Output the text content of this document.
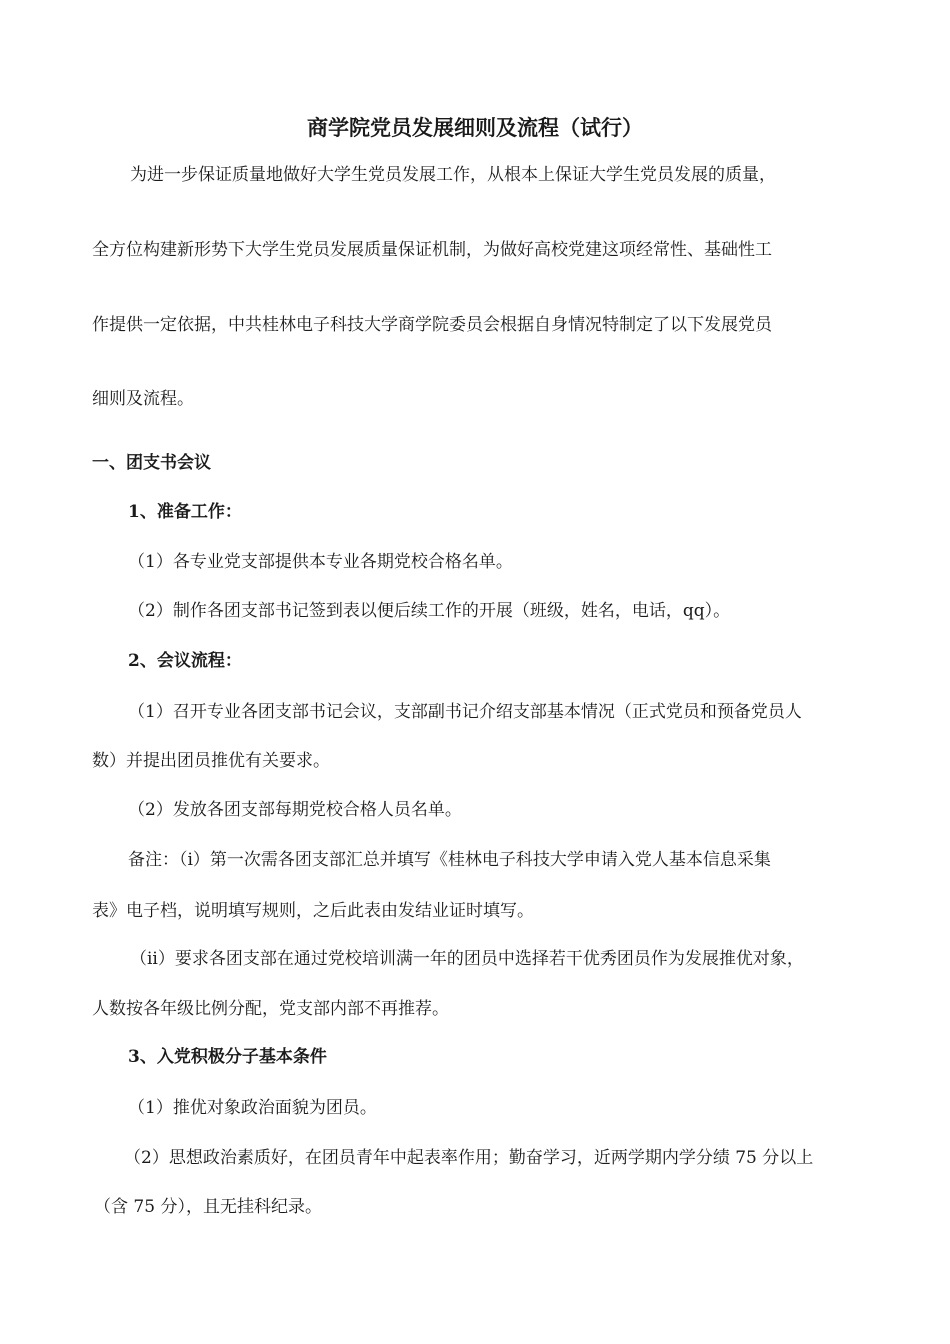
商学院党员发展细则及流程（试行）
为进一步保证质量地做好大学生党员发展工作，从根本上保证大学生党员发展的质量，
全方位构建新形势下大学生党员发展质量保证机制，为做好高校党建这项经常性、基础性工
作提供一定依据，中共桂林电子科技大学商学院委员会根据自身情况特制定了以下发展党员
细则及流程。
一、团支书会议
1、准备工作：
（1）各专业党支部提供本专业各期党校合格名单。
（2）制作各团支部书记签到表以便后续工作的开展（班级，姓名，电话，qq）。
2、会议流程：
（1）召开专业各团支部书记会议，支部副书记介绍支部基本情况（正式党员和预备党员人
数）并提出团员推优有关要求。
（2）发放各团支部每期党校合格人员名单。
备注：（i）第一次需各团支部汇总并填写《桂林电子科技大学申请入党人基本信息采集
表》电子档，说明填写规则，之后此表由发结业证时填写。
（ii）要求各团支部在通过党校培训满一年的团员中选择若干优秀团员作为发展推优对象，
人数按各年级比例分配，党支部内部不再推荐。
3、入党积极分子基本条件
（1）推优对象政治面貌为团员。
（2）思想政治素质好，在团员青年中起表率作用；勤奋学习，近两学期内学分绩 75 分以上
（含 75 分），且无挂科纪录。
